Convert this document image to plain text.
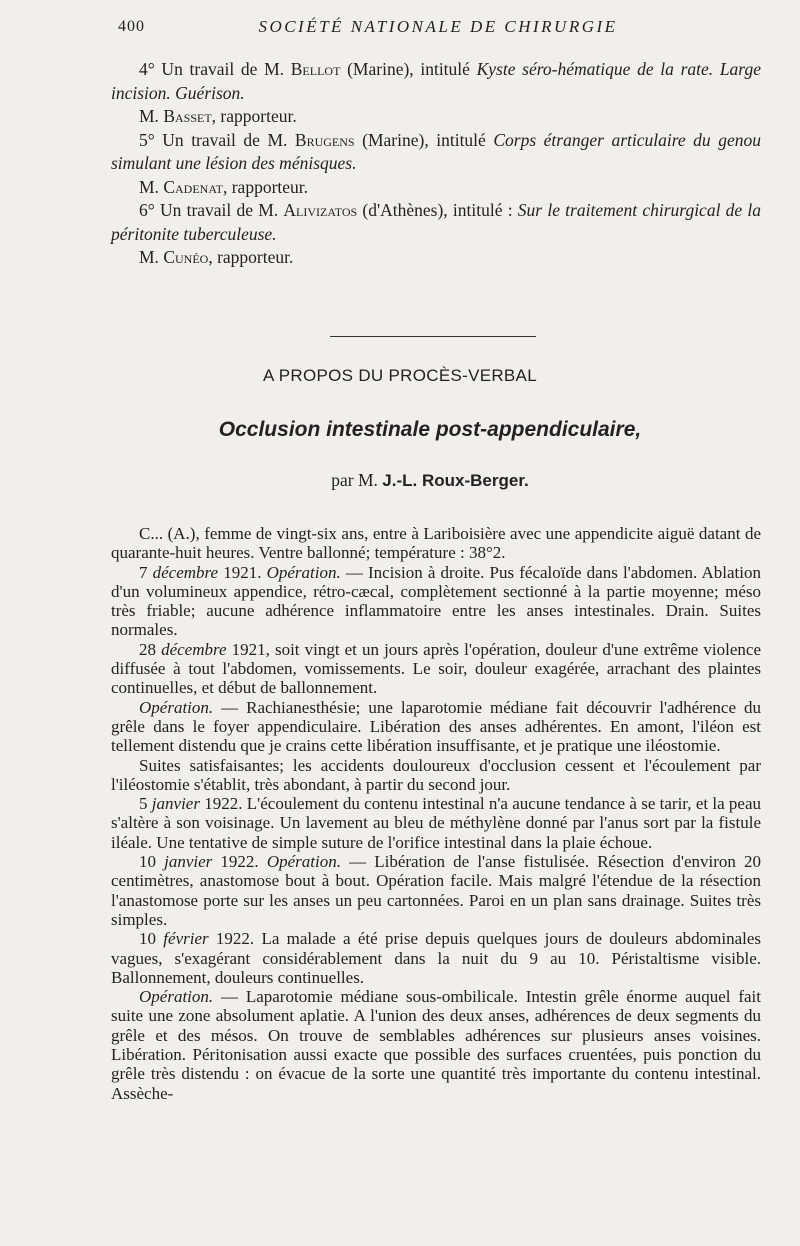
400	SOCIÉTÉ NATIONALE DE CHIRURGIE

4° Un travail de M. Bellot (Marine), intitulé Kyste séro-hématique de la rate. Large incision. Guérison.

M. Basset, rapporteur.

5° Un travail de M. Brugens (Marine), intitulé Corps étranger articulaire du genou simulant une lésion des ménisques.

M. Cadenat, rapporteur.

6° Un travail de M. Alivizatos (d'Athènes), intitulé : Sur le traitement chirurgical de la péritonite tuberculeuse.

M. Cunéo, rapporteur.

A PROPOS DU PROCÈS-VERBAL
Occlusion intestinale post-appendiculaire,
par M. J.-L. Roux-Berger.

C... (A.), femme de vingt-six ans, entre à Lariboisière avec une appendicite aiguë datant de quarante-huit heures. Ventre ballonné; température : 38°2.

7 décembre 1921. Opération. — Incision à droite. Pus fécaloïde dans l'abdomen. Ablation d'un volumineux appendice, rétro-cæcal, complètement sectionné à la partie moyenne; méso très friable; aucune adhérence inflammatoire entre les anses intestinales. Drain. Suites normales.

28 décembre 1921, soit vingt et un jours après l'opération, douleur d'une extrême violence diffusée à tout l'abdomen, vomissements. Le soir, douleur exagérée, arrachant des plaintes continuelles, et début de ballonnement.

Opération. — Rachianesthésie; une laparotomie médiane fait découvrir l'adhérence du grêle dans le foyer appendiculaire. Libération des anses adhérentes. En amont, l'iléon est tellement distendu que je crains cette libération insuffisante, et je pratique une iléostomie.

Suites satisfaisantes; les accidents douloureux d'occlusion cessent et l'écoulement par l'iléostomie s'établit, très abondant, à partir du second jour.

5 janvier 1922. L'écoulement du contenu intestinal n'a aucune tendance à se tarir, et la peau s'altère à son voisinage. Un lavement au bleu de méthylène donné par l'anus sort par la fistule iléale. Une tentative de simple suture de l'orifice intestinal dans la plaie échoue.

10 janvier 1922. Opération. — Libération de l'anse fistulisée. Résection d'environ 20 centimètres, anastomose bout à bout. Opération facile. Mais malgré l'étendue de la résection l'anastomose porte sur les anses un peu cartonnées. Paroi en un plan sans drainage. Suites très simples.

10 février 1922. La malade a été prise depuis quelques jours de douleurs abdominales vagues, s'exagérant considérablement dans la nuit du 9 au 10. Péristaltisme visible. Ballonnement, douleurs continuelles.

Opération. — Laparotomie médiane sous-ombilicale. Intestin grêle énorme auquel fait suite une zone absolument aplatie. A l'union des deux anses, adhérences de deux segments du grêle et des mésos. On trouve de semblables adhérences sur plusieurs anses voisines. Libération. Péritonisation aussi exacte que possible des surfaces cruentées, puis ponction du grêle très distendu : on évacue de la sorte une quantité très importante du contenu intestinal. Assèche-
